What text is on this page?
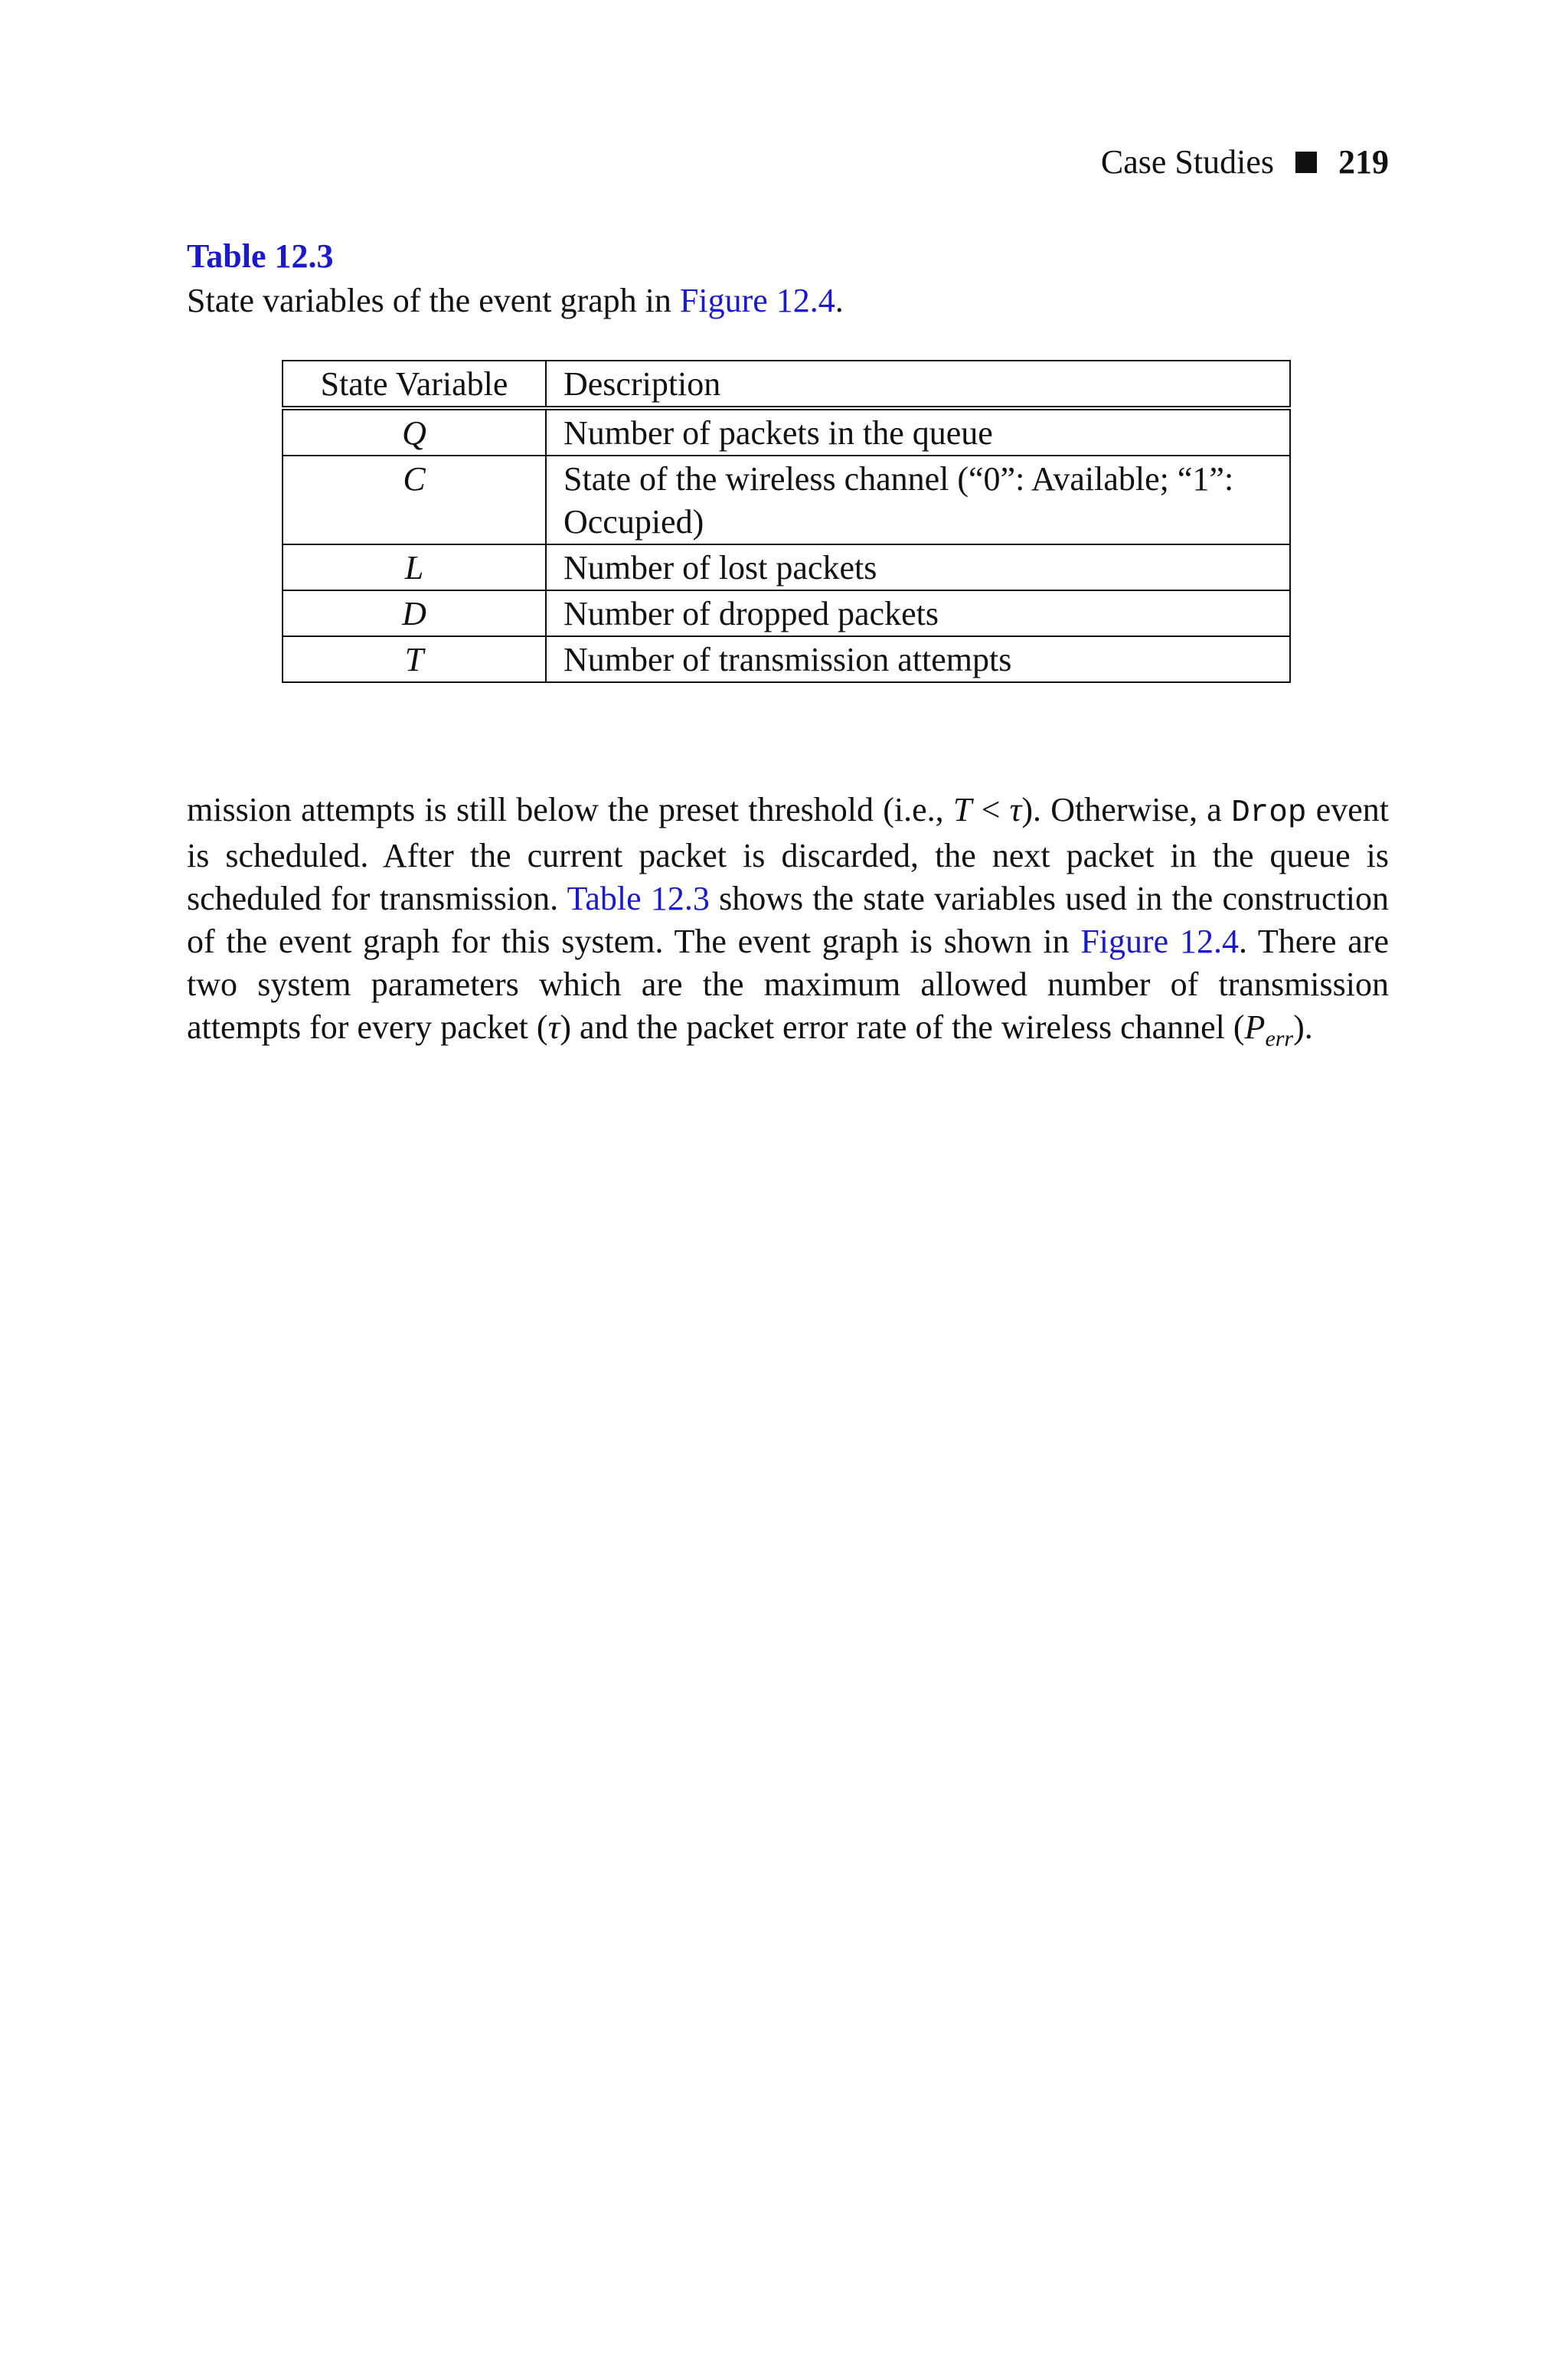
Case Studies 219
Table 12.3
State variables of the event graph in Figure 12.4.
State Variable	Description
Q	Number of packets in the queue
C	State of the wireless channel (“0”: Available; “1”: Occupied)
L	Number of lost packets
D	Number of dropped packets
T	Number of transmission attempts

mission attempts is still below the preset threshold (i.e., T < τ). Otherwise, a Drop event is scheduled. After the current packet is discarded, the next packet in the queue is scheduled for transmission. Table 12.3 shows the state variables used in the construction of the event graph for this system. The event graph is shown in Figure 12.4. There are two system parameters which are the maximum allowed number of transmission attempts for every packet (τ) and the packet error rate of the wireless channel $(P_{err})$.
